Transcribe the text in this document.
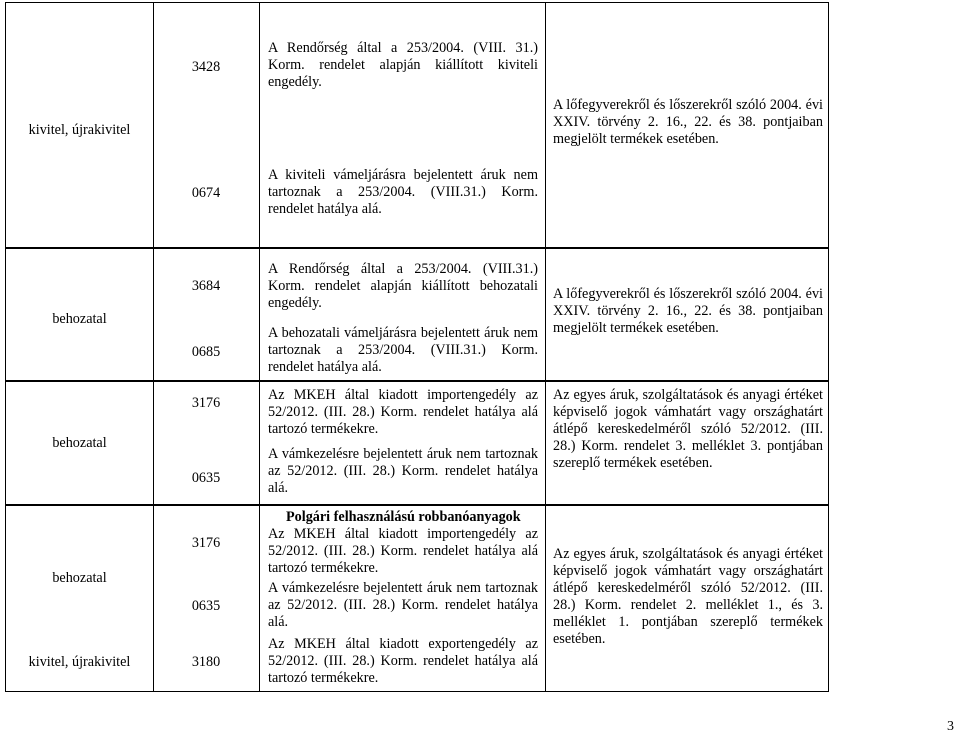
kivitel, újrakivitel
3428
0674
A Rendőrség által a 253/2004. (VIII. 31.) Korm. rendelet alapján kiállított kiviteli engedély.
A kiviteli vámeljárásra bejelentett áruk nem tartoznak a 253/2004. (VIII.31.) Korm. rendelet hatálya alá.
A lőfegyverekről és lőszerekről szóló 2004. évi XXIV. törvény 2. 16., 22. és 38. pontjaiban megjelölt termékek esetében.
behozatal
3684
0685
A Rendőrség által a 253/2004. (VIII.31.) Korm. rendelet alapján kiállított behozatali engedély.
A behozatali vámeljárásra bejelentett áruk nem tartoznak a 253/2004. (VIII.31.) Korm. rendelet hatálya alá.
A lőfegyverekről és lőszerekről szóló 2004. évi XXIV. törvény 2. 16., 22. és 38. pontjaiban megjelölt termékek esetében.
behozatal
3176
0635
Az MKEH által kiadott importengedély az 52/2012. (III. 28.) Korm. rendelet hatálya alá tartozó termékekre.
A vámkezelésre bejelentett áruk nem tartoznak az 52/2012. (III. 28.) Korm. rendelet hatálya alá.
Az egyes áruk, szolgáltatások és anyagi értéket képviselő jogok vámhatárt vagy országhatárt átlépő kereskedelméről szóló 52/2012. (III. 28.) Korm. rendelet 3. melléklet 3. pontjában szereplő termékek esetében.
behozatal
3176
0635
kivitel, újrakivitel	3180
Polgári felhasználású robbanóanyagok
Az MKEH által kiadott importengedély az 52/2012. (III. 28.) Korm. rendelet hatálya alá tartozó termékekre.
A vámkezelésre bejelentett áruk nem tartoznak az 52/2012. (III. 28.) Korm. rendelet hatálya alá.
Az MKEH által kiadott exportengedély az 52/2012. (III. 28.) Korm. rendelet hatálya alá tartozó termékekre.
Az egyes áruk, szolgáltatások és anyagi értéket képviselő jogok vámhatárt vagy országhatárt átlépő kereskedelméről szóló 52/2012. (III. 28.) Korm. rendelet 2. melléklet 1., és 3. melléklet 1. pontjában szereplő termékek esetében.
3
